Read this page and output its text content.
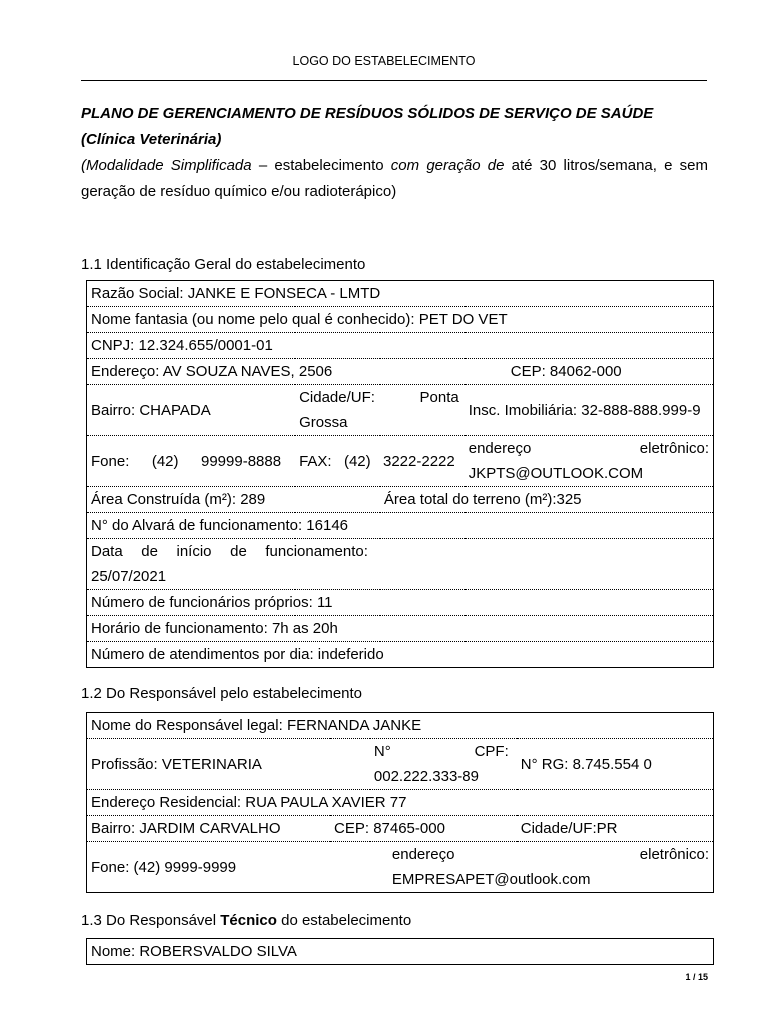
LOGO DO ESTABELECIMENTO
PLANO DE GERENCIAMENTO DE RESÍDUOS SÓLIDOS DE SERVIÇO DE SAÚDE
(Clínica Veterinária)
(Modalidade Simplificada – estabelecimento com geração de até 30 litros/semana, e sem geração de resíduo químico e/ou radioterápico)
1.1 Identificação Geral do estabelecimento
Razão Social: JANKE E FONSECA - LMTD			
Nome fantasia (ou nome pelo qual é conhecido): PET DO VET			
CNPJ: 12.324.655/0001-01			
Endereço: AV SOUZA NAVES, 2506			CEP: 84062-000
Bairro: CHAPADA	Cidade/UF: Ponta Grossa		Insc. Imobiliária: 32-888-888.999-9
Fone: (42) 99999-8888	FAX: (42) 3222-2222		endereço eletrônico: JKPTS@OUTLOOK.COM
Área Construída (m²): 289		Área total do terreno (m²):325	
N° do Alvará de funcionamento: 16146			
Data de início de funcionamento: 25/07/2021			
Número de funcionários próprios: 11			
Horário de funcionamento: 7h as 20h			
Número de atendimentos por dia: indeferido			
1.2 Do Responsável pelo estabelecimento
Nome do Responsável legal: FERNANDA JANKE			
Profissão: VETERINARIA		N° CPF: 002.222.333-89	N° RG: 8.745.554 0
Endereço Residencial: RUA PAULA XAVIER 77			
Bairro: JARDIM CARVALHO	CEP: 87465-000		Cidade/UF:PR
Fone: (42) 9999-9999		endereço eletrônico: EMPRESAPET@outlook.com	
1.3 Do Responsável Técnico do estabelecimento
Nome: ROBERSVALDO SILVA
1 / 15
